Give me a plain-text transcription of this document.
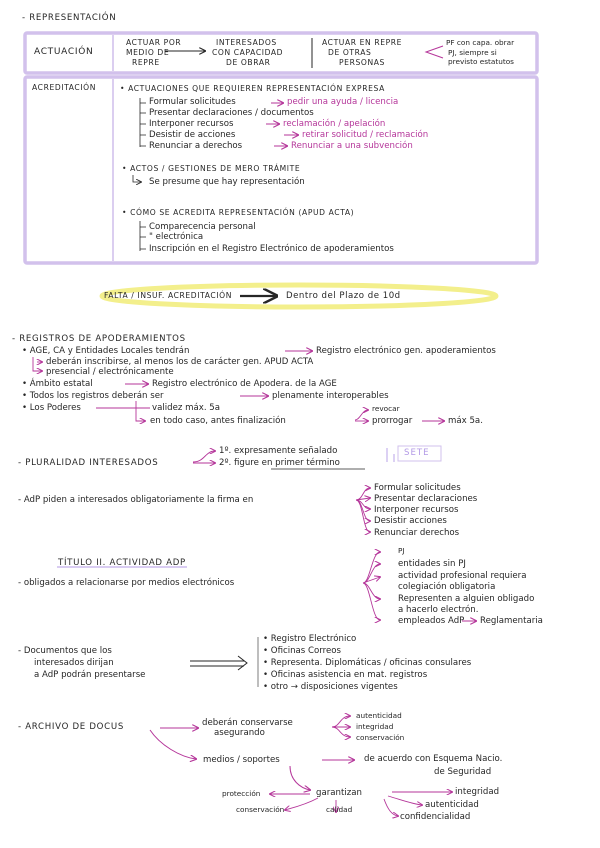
- REPRESENTACIÓN
ACTUACIÓN
ACTUAR POR
MEDIO DE
REPRE
INTERESADOS
CON CAPACIDAD
DE OBRAR
ACTUAR EN REPRE
DE OTRAS
PERSONAS
PF con capa. obrar
PJ, siempre si
previsto estatutos
ACREDITACIÓN	• ACTUACIONES QUE REQUIEREN REPRESENTACIÓN EXPRESA
Formular solicitudes	pedir una ayuda / licencia
Presentar declaraciones / documentos
Interponer recursos	reclamación / apelación
Desistir de acciones	retirar solicitud / reclamación
Renunciar a derechos	Renunciar a una subvención
• ACTOS / GESTIONES DE MERO TRÁMITE
Se presume que hay representación
• CÓMO SE ACREDITA REPRESENTACIÓN (APUD ACTA)
Comparecencia personal
" electrónica
Inscripción en el Registro Electrónico de apoderamientos
FALTA / INSUF. ACREDITACIÓN	Dentro del Plazo de 10d
- REGISTROS DE APODERAMIENTOS
• AGE, CA y Entidades Locales tendrán	Registro electrónico gen. apoderamientos
deberán inscribirse, al menos los de carácter gen. APUD ACTA
presencial / electrónicamente
• Ámbito estatal	Registro electrónico de Apodera. de la AGE
• Todos los registros deberán ser	plenamente interoperables
• Los Poderes	validez máx. 5a
en todo caso, antes finalización
revocar
prorrogar	máx 5a.
- PLURALIDAD INTERESADOS
1º. expresamente señalado
2º. figure en primer término
SETE
- AdP piden a interesados obligatoriamente la firma en
Formular solicitudes
Presentar declaraciones
Interponer recursos
Desistir acciones
Renunciar derechos
TÍTULO II. ACTIVIDAD ADP
- obligados a relacionarse por medios electrónicos
PJ
entidades sin PJ
actividad profesional requiera
colegiación obligatoria
Representen a alguien obligado
a hacerlo electrón.
empleados AdP Reglamentaria
- Documentos que los
interesados dirijan
a AdP podrán presentarse
• Registro Electrónico
• Oficinas Correos
• Representa. Diplomáticas / oficinas consulares
• Oficinas asistencia en mat. registros
• otro → disposiciones vigentes
- ARCHIVO DE DOCUS	deberán conservarse
asegurando
autenticidad
integridad
conservación
medios / soportes	de acuerdo con Esquema Nacio.
de Seguridad
garantizan
protección
conservación	calidad
integridad
autenticidad
confidencialidad
